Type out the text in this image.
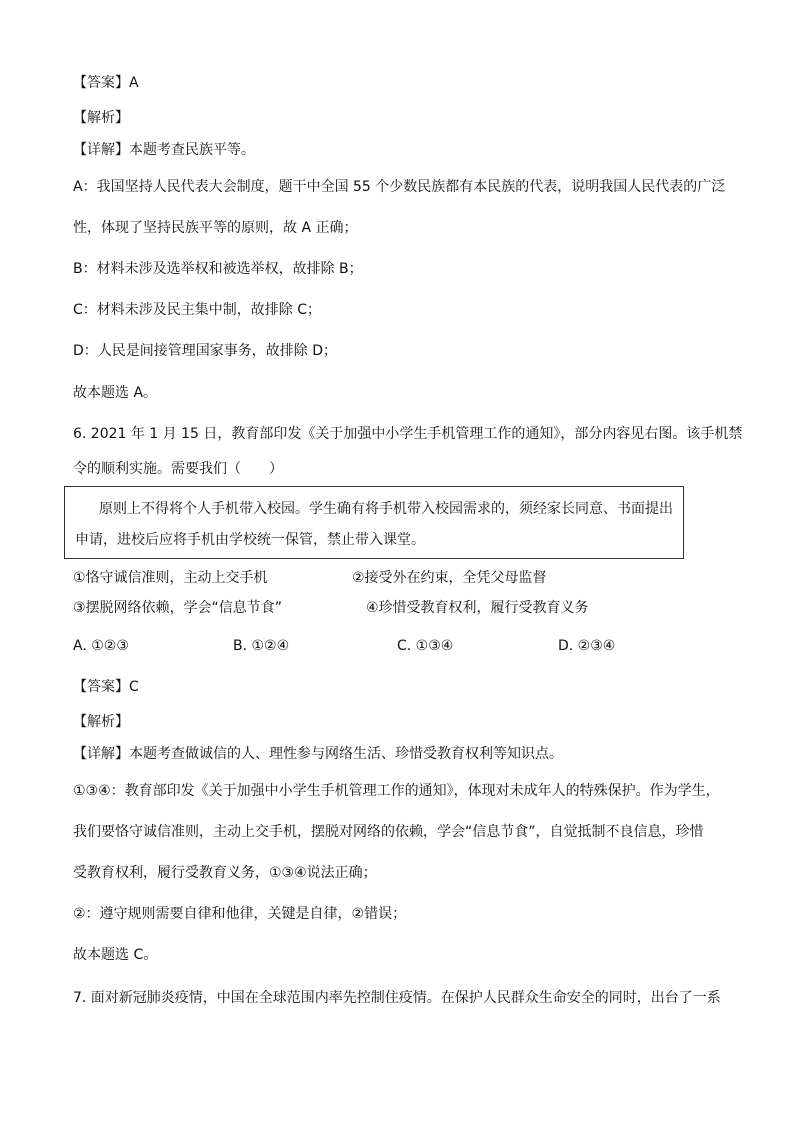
【答案】A
【解析】
【详解】本题考查民族平等。
A：我国坚持人民代表大会制度，题干中全国 55 个少数民族都有本民族的代表，说明我国人民代表的广泛
性，体现了坚持民族平等的原则，故 A 正确；
B：材料未涉及选举权和被选举权，故排除 B；
C：材料未涉及民主集中制，故排除 C；
D：人民是间接管理国家事务，故排除 D；
故本题选 A。
6. 2021 年 1 月 15 日，教育部印发《关于加强中小学生手机管理工作的通知》，部分内容见右图。该手机禁
令的顺利实施。需要我们（　　）
原则上不得将个人手机带入校园。学生确有将手机带入校园需求的，须经家长同意、书面提出
申请，进校后应将手机由学校统一保管，禁止带入课堂。
①恪守诚信准则，主动上交手机	②接受外在约束，全凭父母监督
③摆脱网络依赖，学会“信息节食”	④珍惜受教育权利，履行受教育义务
A. ①②③	B. ①②④	C. ①③④	D. ②③④
【答案】C
【解析】
【详解】本题考查做诚信的人、理性参与网络生活、珍惜受教育权利等知识点。
①③④：教育部印发《关于加强中小学生手机管理工作的通知》，体现对未成年人的特殊保护。作为学生，
我们要恪守诚信准则，主动上交手机，摆脱对网络的依赖，学会“信息节食”，自觉抵制不良信息，珍惜
受教育权利，履行受教育义务，①③④说法正确；
②：遵守规则需要自律和他律，关键是自律，②错误；
故本题选 C。
7. 面对新冠肺炎疫情，中国在全球范围内率先控制住疫情。在保护人民群众生命安全的同时，出台了一系
